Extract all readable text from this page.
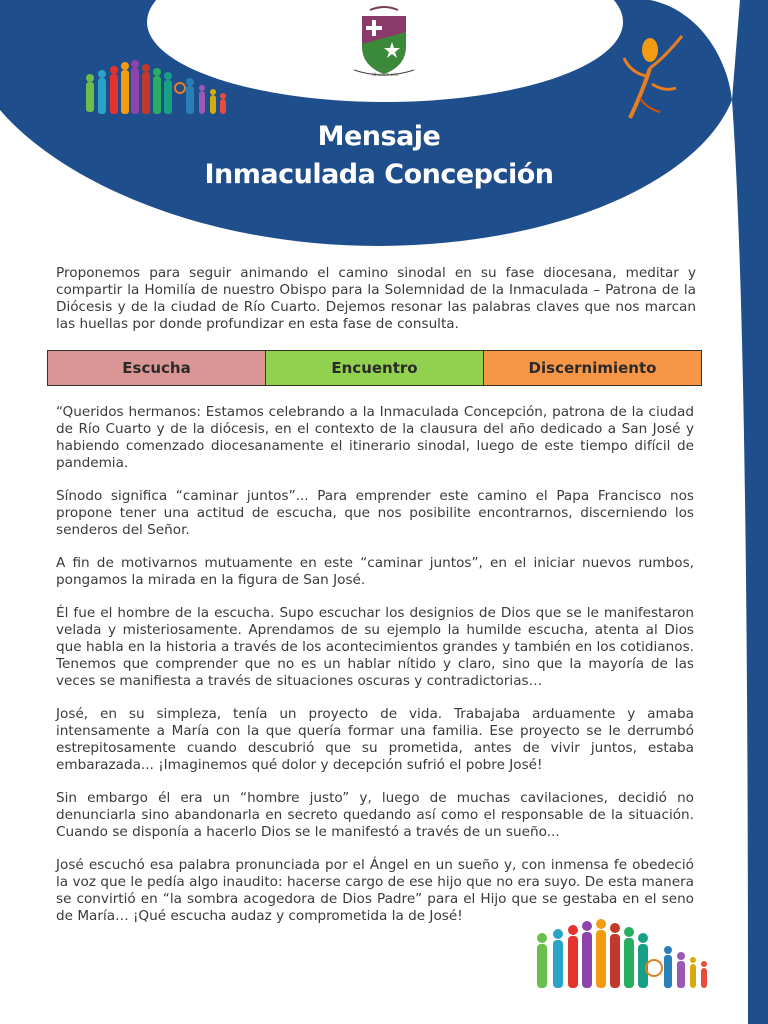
Ut unum sint
Mensaje
Inmaculada Concepción
Proponemos para seguir animando el camino sinodal en su fase diocesana, meditar y compartir la Homilía de nuestro Obispo para la Solemnidad de la Inmaculada – Patrona de la Diócesis y de la ciudad de Río Cuarto. Dejemos resonar las palabras claves que nos marcan las huellas por donde profundizar en esta fase de consulta.
Escucha	Encuentro	Discernimiento

“Queridos hermanos: Estamos celebrando a la Inmaculada Concepción, patrona de la ciudad de Río Cuarto y de la diócesis, en el contexto de la clausura del año dedicado a San José y habiendo comenzado diocesanamente el itinerario sinodal, luego de este tiempo difícil de pandemia.

Sínodo significa “caminar juntos”... Para emprender este camino el Papa Francisco nos propone tener una actitud de escucha, que nos posibilite encontrarnos, discerniendo los senderos del Señor.

A fin de motivarnos mutuamente en este “caminar juntos”, en el iniciar nuevos rumbos, pongamos la mirada en la figura de San José.

Él fue el hombre de la escucha. Supo escuchar los designios de Dios que se le manifestaron velada y misteriosamente. Aprendamos de su ejemplo la humilde escucha, atenta al Dios que habla en la historia a través de los acontecimientos grandes y también en los cotidianos. Tenemos que comprender que no es un hablar nítido y claro, sino que la mayoría de las veces se manifiesta a través de situaciones oscuras y contradictorias…

José, en su simpleza, tenía un proyecto de vida. Trabajaba arduamente y amaba intensamente a María con la que quería formar una familia. Ese proyecto se le derrumbó estrepitosamente cuando descubrió que su prometida, antes de vivir juntos, estaba embarazada... ¡Imaginemos qué dolor y decepción sufrió el pobre José!

Sin embargo él era un “hombre justo” y, luego de muchas cavilaciones, decidió no denunciarla sino abandonarla en secreto quedando así como el responsable de la situación. Cuando se disponía a hacerlo Dios se le manifestó a través de un sueño...

José escuchó esa palabra pronunciada por el Ángel en un sueño y, con inmensa fe obedeció la voz que le pedía algo inaudito: hacerse cargo de ese hijo que no era suyo. De esta manera se convirtió en “la sombra acogedora de Dios Padre” para el Hijo que se gestaba en el seno de María… ¡Qué escucha audaz y comprometida la de José!
